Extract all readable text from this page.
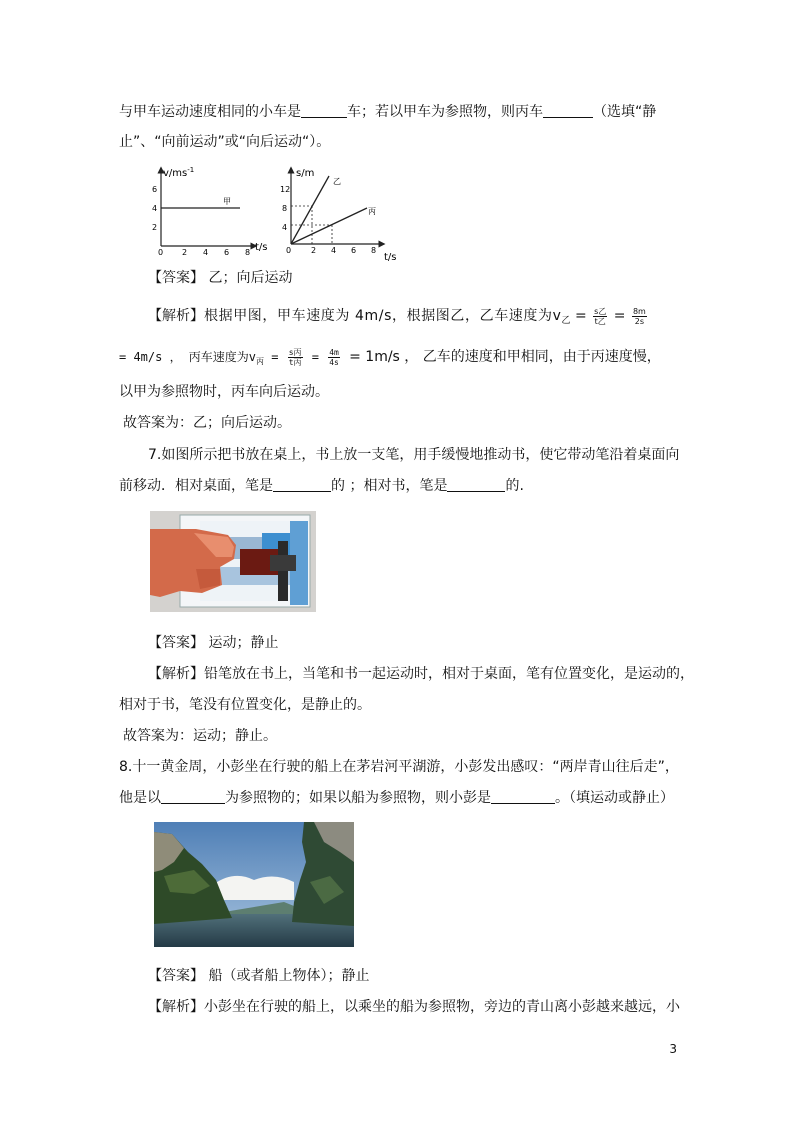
与甲车运动速度相同的小车是	车；若以甲车为参照物，则丙车	（选填“静
止”、“向前运动”或“向后运动“）。
$v/ms^{-1}$
6
4
2
0 2 4 6 8 t/s
甲
s/m
12
8
4
0 2 4 6 8
t/s
乙
丙
【答案】 乙；向后运动
【解析】根据甲图，甲车速度为 4m/s，根据图乙，乙车速度为$v_乙 = \frac{\text{s乙}}{\text{t乙}} = \frac{8m}{2s}$
= 4m/s ， 丙车速度为$v_丙 = \frac{\text{s丙}}{\text{t丙}} = \frac{4m}{4s} = 1m/s$ ， 乙车的速度和甲相同，由于丙速度慢，
以甲为参照物时，丙车向后运动。
故答案为：乙；向后运动。
7.如图所示把书放在桌上，书上放一支笔，用手缓慢地推动书，使它带动笔沿着桌面向
前移动．相对桌面，笔是	的 ；相对书，笔是	的.
【答案】 运动；静止
【解析】铅笔放在书上，当笔和书一起运动时，相对于桌面，笔有位置变化，是运动的，
相对于书，笔没有位置变化，是静止的。
故答案为：运动；静止。
8.十一黄金周，小彭坐在行驶的船上在茅岩河平湖游，小彭发出感叹：“两岸青山往后走”，
他是以	为参照物的；如果以船为参照物，则小彭是	。（填运动或静止）
【答案】 船（或者船上物体）；静止
【解析】小彭坐在行驶的船上，以乘坐的船为参照物，旁边的青山离小彭越来越远，小
3
